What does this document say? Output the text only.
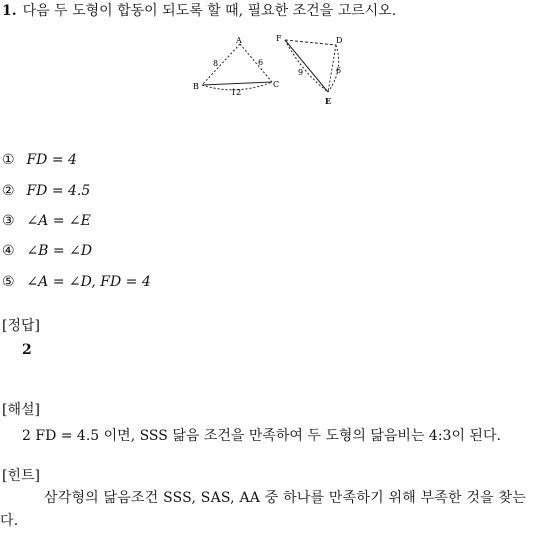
1. 다음 두 도형이 합동이 되도록 할 때, 필요한 조건을 고르시오.
A
B	C
8	6
12
F	D
E
9	6
① FD = 4
② FD = 4.5
③ ∠A = ∠E
④ ∠B = ∠D
⑤ ∠A = ∠D, FD = 4
[정답]
2
[해설]
2 FD = 4.5 이면, SSS 닮음 조건을 만족하여 두 도형의 닮음비는 4:3이 된다.
[힌트]
삼각형의 닮음조건 SSS, SAS, AA 중 하나를 만족하기 위해 부족한 것을 찾는다.
